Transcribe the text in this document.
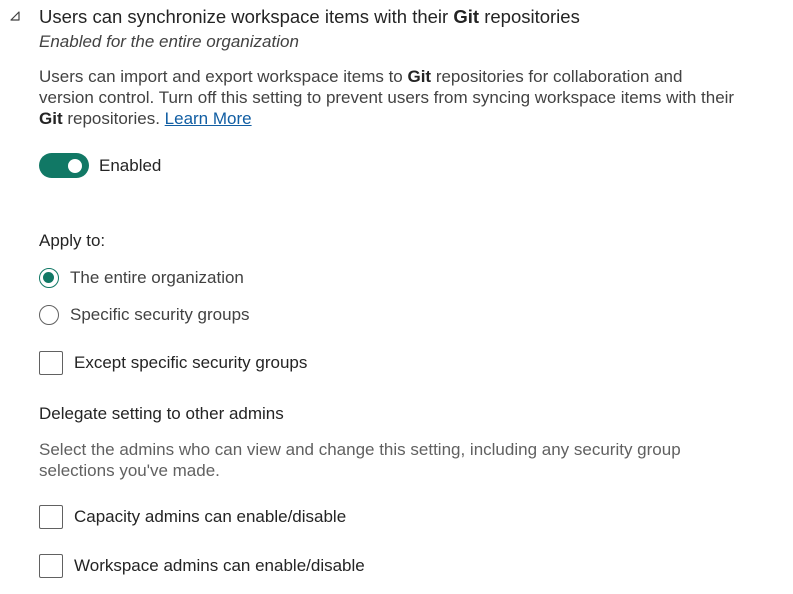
Users can synchronize workspace items with their Git repositories
Enabled for the entire organization
Users can import and export workspace items to Git repositories for collaboration and version control. Turn off this setting to prevent users from syncing workspace items with their Git repositories. Learn More
Enabled
Apply to:
The entire organization
Specific security groups
Except specific security groups
Delegate setting to other admins
Select the admins who can view and change this setting, including any security group selections you've made.
Capacity admins can enable/disable
Workspace admins can enable/disable
